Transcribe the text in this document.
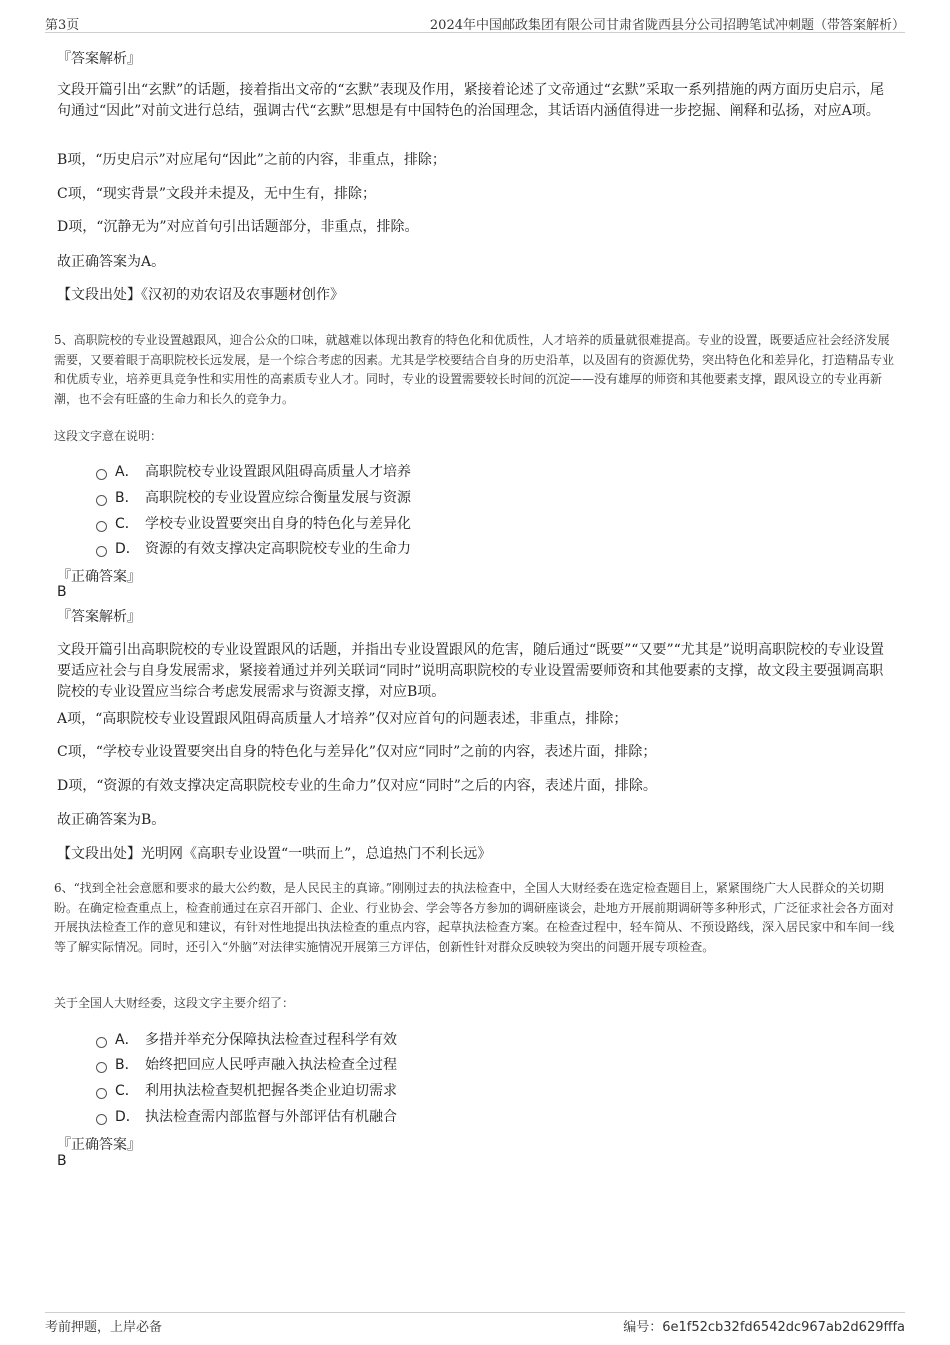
第3页	2024年中国邮政集团有限公司甘肃省陇西县分公司招聘笔试冲刺题（带答案解析）
『答案解析』
文段开篇引出“玄默”的话题，接着指出文帝的“玄默”表现及作用，紧接着论述了文帝通过“玄默”采取一系列措施的两方面历史启示，尾句通过“因此”对前文进行总结，强调古代“玄默”思想是有中国特色的治国理念，其话语内涵值得进一步挖掘、阐释和弘扬，对应A项。
B项，“历史启示”对应尾句“因此”之前的内容，非重点，排除；
C项，“现实背景”文段并未提及，无中生有，排除；
D项，“沉静无为”对应首句引出话题部分，非重点，排除。
故正确答案为A。
【文段出处】《汉初的劝农诏及农事题材创作》
5、高职院校的专业设置越跟风，迎合公众的口味，就越难以体现出教育的特色化和优质性，人才培养的质量就很难提高。专业的设置，既要适应社会经济发展需要，又要着眼于高职院校长远发展，是一个综合考虑的因素。尤其是学校要结合自身的历史沿革，以及固有的资源优势，突出特色化和差异化，打造精品专业和优质专业，培养更具竞争性和实用性的高素质专业人才。同时，专业的设置需要较长时间的沉淀——没有雄厚的师资和其他要素支撑，跟风设立的专业再新潮，也不会有旺盛的生命力和长久的竞争力。
这段文字意在说明：
A． 高职院校专业设置跟风阻碍高质量人才培养
B． 高职院校的专业设置应综合衡量发展与资源
C． 学校专业设置要突出自身的特色化与差异化
D． 资源的有效支撑决定高职院校专业的生命力
『正确答案』
B
『答案解析』
文段开篇引出高职院校的专业设置跟风的话题，并指出专业设置跟风的危害，随后通过“既要”“又要”“尤其是”说明高职院校的专业设置要适应社会与自身发展需求，紧接着通过并列关联词“同时”说明高职院校的专业设置需要师资和其他要素的支撑，故文段主要强调高职院校的专业设置应当综合考虑发展需求与资源支撑，对应B项。
A项，“高职院校专业设置跟风阻碍高质量人才培养”仅对应首句的问题表述，非重点，排除；
C项，“学校专业设置要突出自身的特色化与差异化”仅对应“同时”之前的内容，表述片面，排除；
D项，“资源的有效支撑决定高职院校专业的生命力”仅对应“同时”之后的内容，表述片面，排除。
故正确答案为B。
【文段出处】光明网《高职专业设置“一哄而上”，总追热门不利长远》
6、“找到全社会意愿和要求的最大公约数，是人民民主的真谛。”刚刚过去的执法检查中，全国人大财经委在选定检查题目上，紧紧围绕广大人民群众的关切期盼。在确定检查重点上，检查前通过在京召开部门、企业、行业协会、学会等各方参加的调研座谈会，赴地方开展前期调研等多种形式，广泛征求社会各方面对开展执法检查工作的意见和建议，有针对性地提出执法检查的重点内容，起草执法检查方案。在检查过程中，轻车简从、不预设路线，深入居民家中和车间一线等了解实际情况。同时，还引入“外脑”对法律实施情况开展第三方评估，创新性针对群众反映较为突出的问题开展专项检查。
关于全国人大财经委，这段文字主要介绍了：
A． 多措并举充分保障执法检查过程科学有效
B． 始终把回应人民呼声融入执法检查全过程
C． 利用执法检查契机把握各类企业迫切需求
D． 执法检查需内部监督与外部评估有机融合
『正确答案』
B
考前押题，上岸必备	编号：6e1f52cb32fd6542dc967ab2d629fffa
